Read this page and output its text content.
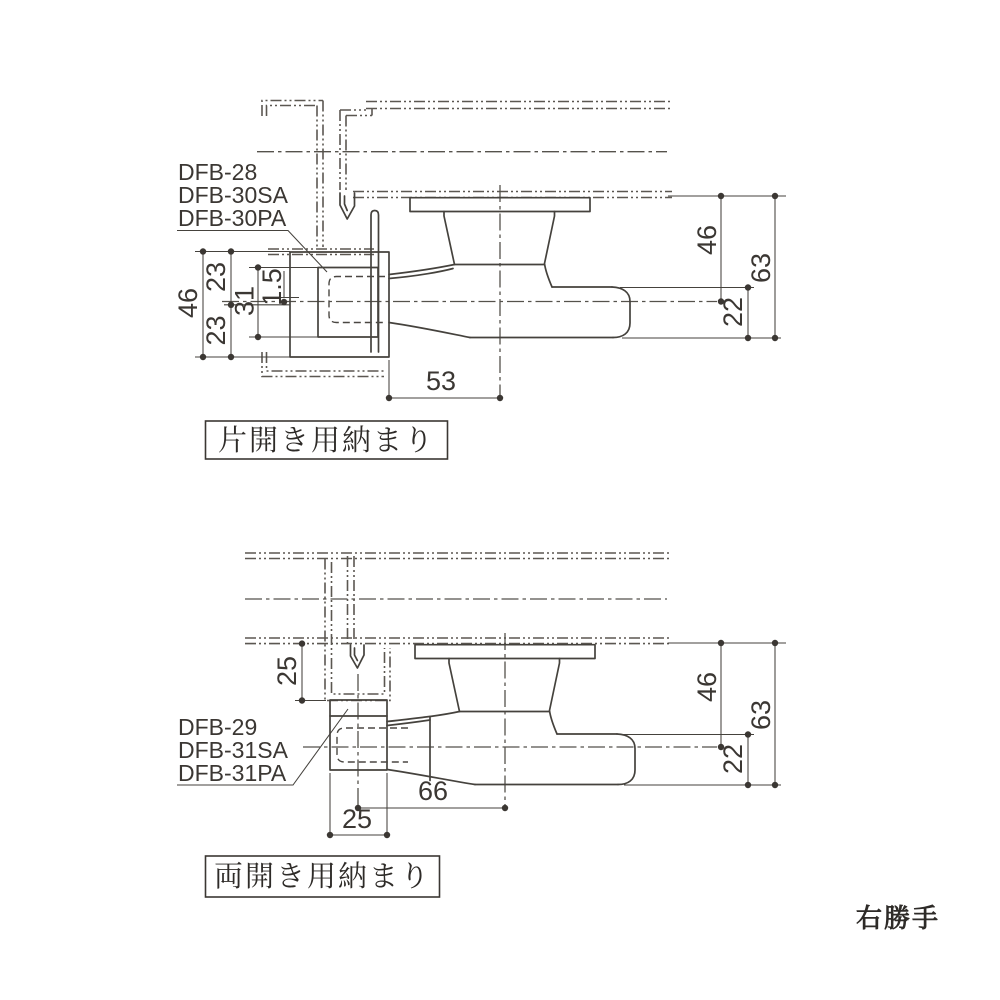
46
23
31
1.5
23
53
46
63
22
DFB-28
DFB-30SA
DFB-30PA
片開き用納まり
25
66
25
46
63
22
DFB-29
DFB-31SA
DFB-31PA
両開き用納まり
右勝手
